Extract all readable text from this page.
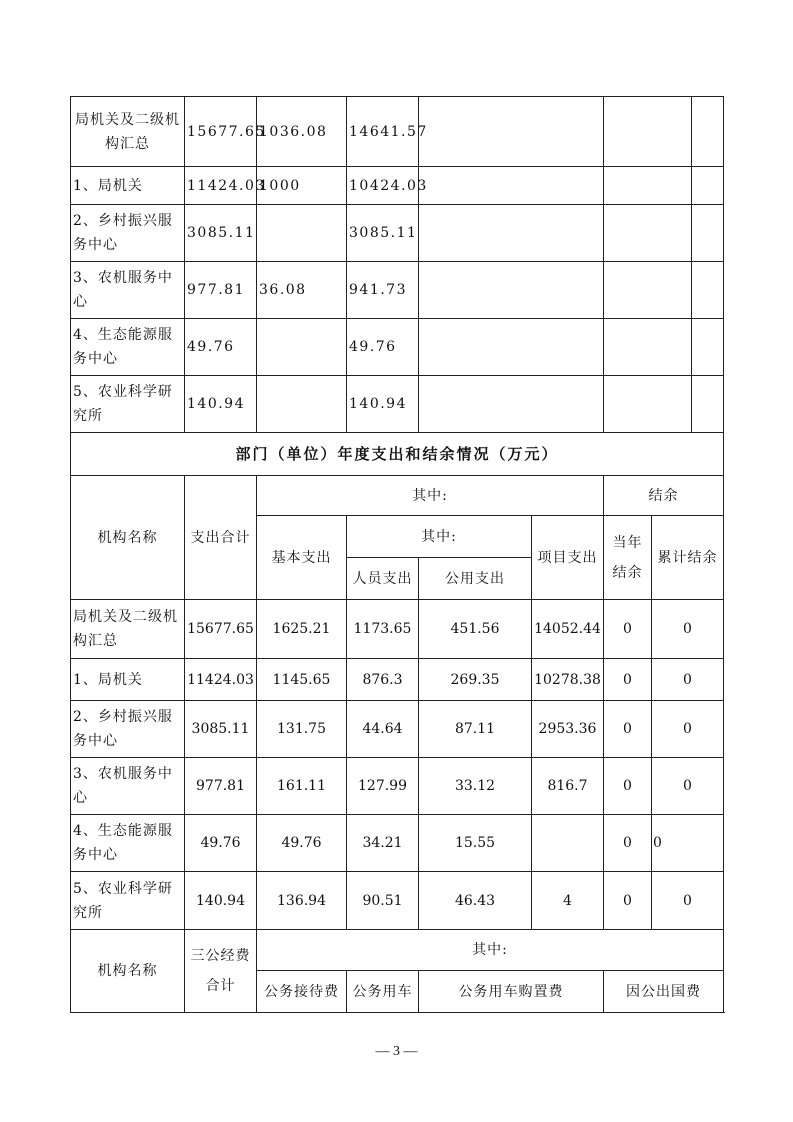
局机关及二级机构汇总	15677.65	1036.08	14641.57					
1、局机关	11424.03	1000	10424.03					
2、乡村振兴服务中心	3085.11		3085.11					
3、农机服务中心	977.81	36.08	941.73					
4、生态能源服务中心	49.76		49.76					
5、农业科学研究所	140.94		140.94					
部门（单位）年度支出和结余情况（万元）								
机构名称	支出合计	其中:				结余		
		基本支出	其中:		项目支出	当年结余	累计结余	
			人员支出	公用支出				
局机关及二级机构汇总	15677.65	1625.21	1173.65	451.56	14052.44	0	0	
1、局机关	11424.03	1145.65	876.3	269.35	10278.38	0	0	
2、乡村振兴服务中心	3085.11	131.75	44.64	87.11	2953.36	0	0	
3、农机服务中心	977.81	161.11	127.99	33.12	816.7	0	0	
4、生态能源服务中心	49.76	49.76	34.21	15.55		0	0	
5、农业科学研究所	140.94	136.94	90.51	46.43	4	0	0	
机构名称	三公经费合计	其中:						
		公务接待费	公务用车	公务用车购置费		因公出国费		
— 3 —
